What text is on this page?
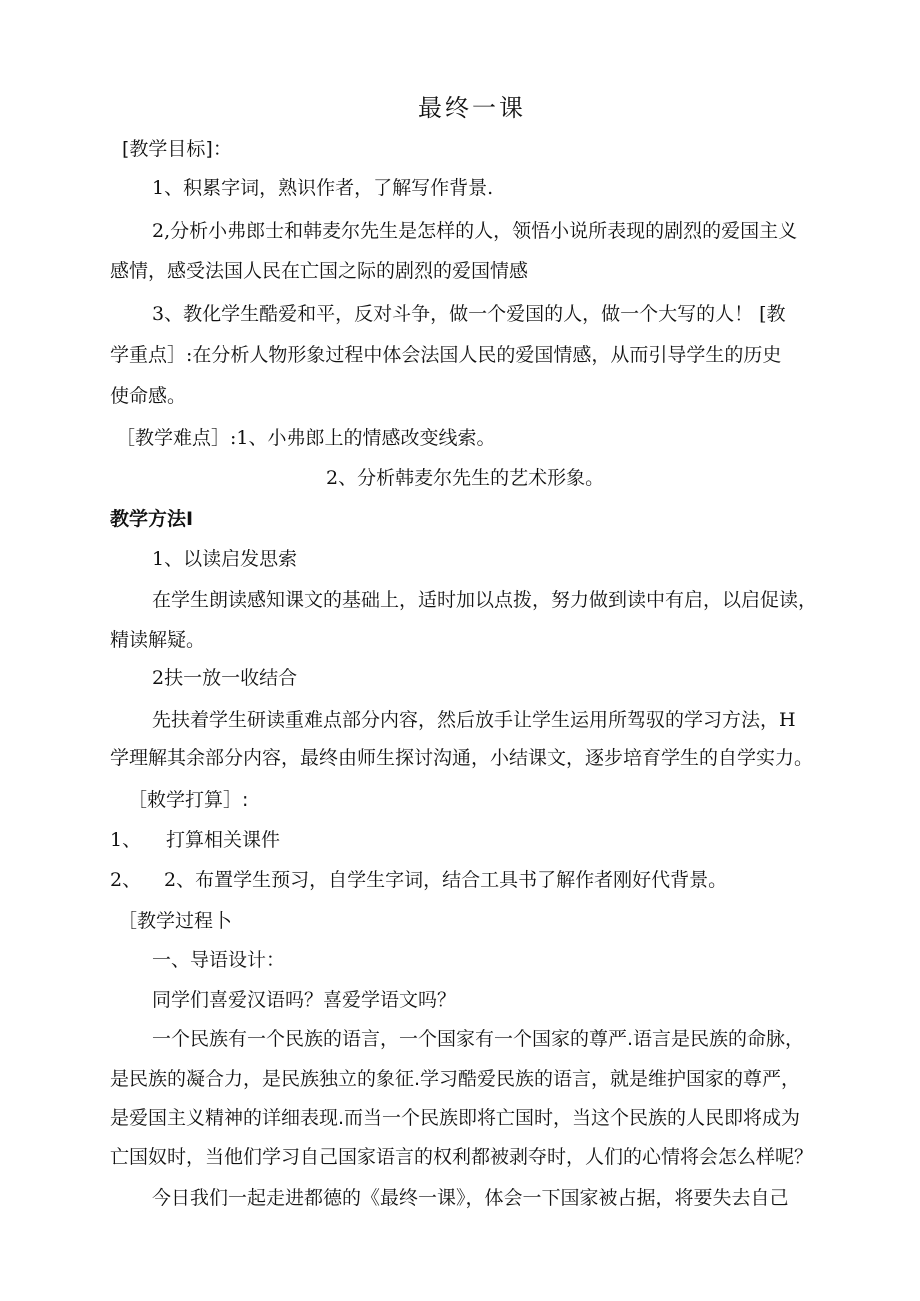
最终一课
[教学目标]：
1、积累字词，熟识作者，了解写作背景.
2,分析小弗郎士和韩麦尔先生是怎样的人，领悟小说所表现的剧烈的爱国主义
感情，感受法国人民在亡国之际的剧烈的爱国情感
3、教化学生酷爱和平，反对斗争，做一个爱国的人，做一个大写的人！ [教
学重点］:在分析人物形象过程中体会法国人民的爱国情感，从而引导学生的历史
使命感。
［教学难点］:1、小弗郎上的情感改变线索。
2、分析韩麦尔先生的艺术形象。
教学方法I
1、以读启发思索
在学生朗读感知课文的基础上，适时加以点拨，努力做到读中有启，以启促读，
精读解疑。
2扶一放一收结合
先扶着学生研读重难点部分内容，然后放手让学生运用所驾驭的学习方法，H
学理解其余部分内容，最终由师生探讨沟通，小结课文，逐步培育学生的自学实力。
［敕学打算］:
1、 打算相关课件
2、 2、布置学生预习，自学生字词，结合工具书了解作者刚好代背景。
［教学过程卜
一、导语设计：
同学们喜爱汉语吗？喜爱学语文吗？
一个民族有一个民族的语言，一个国家有一个国家的尊严.语言是民族的命脉，
是民族的凝合力，是民族独立的象征.学习酷爱民族的语言，就是维护国家的尊严，
是爱国主义精神的详细表现.而当一个民族即将亡国时，当这个民族的人民即将成为
亡国奴时，当他们学习自己国家语言的权利都被剥夺时，人们的心情将会怎么样呢？
今日我们一起走进都德的《最终一课》，体会一下国家被占据，将要失去自己
